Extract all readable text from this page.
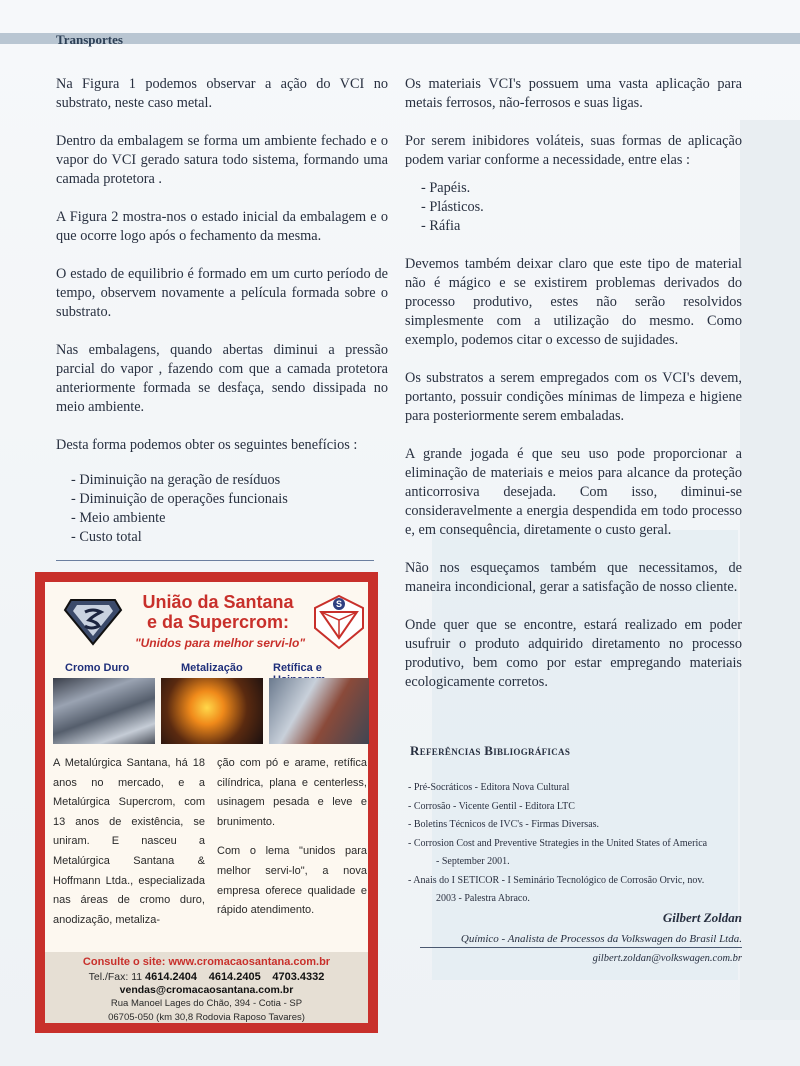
Transportes

Na Figura 1 podemos observar a ação do VCI no substrato, neste caso metal.

Dentro da embalagem se forma um ambiente fechado e o vapor do VCI gerado satura todo sistema, formando uma camada protetora .

A Figura 2 mostra-nos o estado inicial da embalagem e o que ocorre logo após o fechamento da mesma.

O estado de equilibrio é formado em um curto período de tempo, observem novamente a película formada sobre o substrato.

Nas embalagens, quando abertas diminui a pressão parcial do vapor , fazendo com que a camada protetora anteriormente formada se desfaça, sendo dissipada no meio ambiente.

Desta forma podemos obter os seguintes benefícios :

- Diminuição na geração de resíduos
- Diminuição de operações funcionais
- Meio ambiente
- Custo total

Os materiais VCI's possuem uma vasta aplicação para metais ferrosos, não-ferrosos e suas ligas.

Por serem inibidores voláteis, suas formas de aplicação podem variar conforme a necessidade, entre elas :

- Papéis.
- Plásticos.
- Ráfia

Devemos também deixar claro que este tipo de material não é mágico e se existirem problemas derivados do processo produtivo, estes não serão resolvidos simplesmente com a utilização do mesmo. Como exemplo, podemos citar o excesso de sujidades.

Os substratos a serem empregados com os VCI's devem, portanto, possuir condições mínimas de limpeza e higiene para posteriormente serem embaladas.

A grande jogada é que seu uso pode proporcionar a eliminação de materiais e meios para alcance da proteção anticorrosiva desejada. Com isso, diminui-se consideravelmente a energia despendida em todo processo e, em consequência, diretamente o custo geral.

Não nos esqueçamos também que necessitamos, de maneira incondicional, gerar a satisfação de nosso cliente.

Onde quer que se encontre, estará realizado em poder usufruir o produto adquirido diretamento no processo produtivo, bem como por estar empregando materiais ecologicamente corretos.

Referências Bibliográficas
- Pré-Socráticos - Editora Nova Cultural
- Corrosão - Vicente Gentil - Editora LTC
- Boletins Técnicos de IVC's - Firmas Diversas.
- Corrosion Cost and Preventive Strategies in the United States of America
- September 2001.
- Anais do I SETICOR - I Seminário Tecnológico de Corrosão Orvic, nov.
2003 - Palestra Abraco.
Gilbert Zoldan
Químico - Analista de Processos da Volkswagen do Brasil Ltda.
gilbert.zoldan@volkswagen.com.br
União da Santana
e da Supercrom:
"Unidos para melhor servi-lo"
S
Cromo Duro	Metalização	Retífica e

A Metalúrgica Santana, há 18 anos no mercado, e a Metalúrgica Supercrom, com 13 anos de existência, se uniram. E nasceu a Metalúrgica Santana & Hoffmann Ltda., especializada nas áreas de cromo duro, anodização, metaliza-

ção com pó e arame, retífica cilíndrica, plana e centerless, usinagem pesada e leve e brunimento.

Com o lema "unidos para melhor servi-lo", a nova empresa oferece qualidade e rápido atendimento.

Consulte o site: www.cromacaosantana.com.br
Tel./Fax: 11 4614.2404 4614.2405 4703.4332
vendas@cromacaosantana.com.br
Rua Manoel Lages do Chão, 394 - Cotia - SP
06705-050 (km 30,8 Rodovia Raposo Tavares)
